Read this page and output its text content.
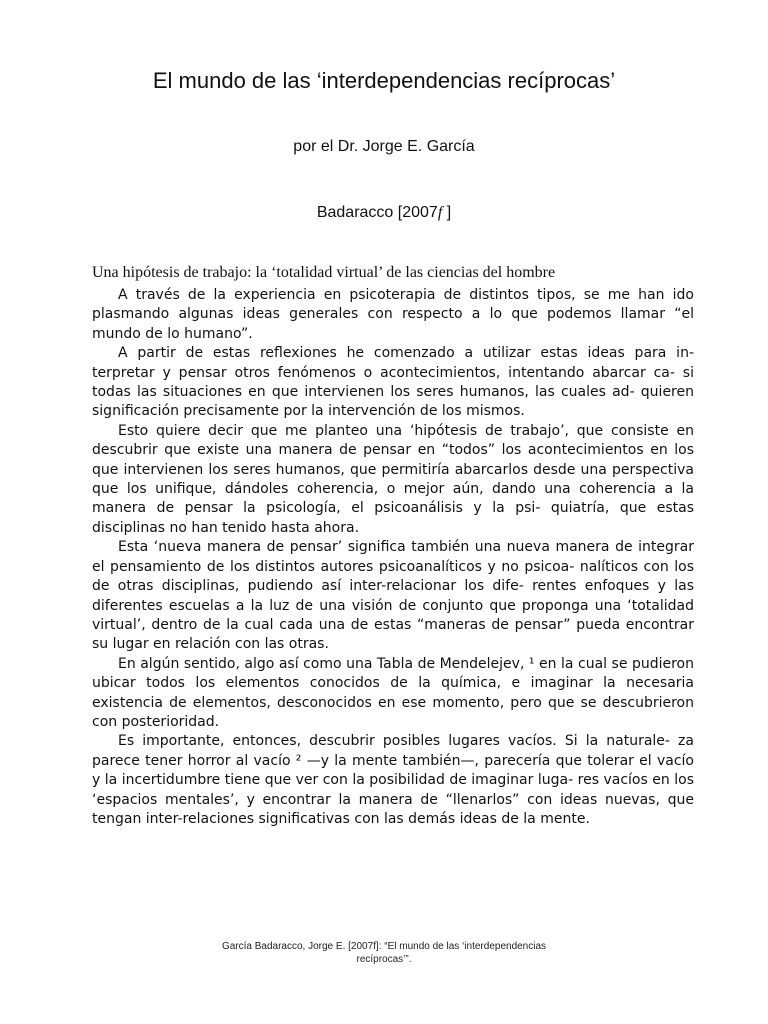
El mundo de las ‘interdependencias recíprocas’
por el Dr. Jorge E. García
Badaracco [2007f ]
Una hipótesis de trabajo: la ‘totalidad virtual’ de las ciencias del hombre

A través de la experiencia en psicoterapia de distintos tipos, se me han ido plasmando algunas ideas generales con respecto a lo que podemos llamar “el mundo de lo humano”.

A partir de estas reflexiones he comenzado a utilizar estas ideas para in- terpretar y pensar otros fenómenos o acontecimientos, intentando abarcar ca- si todas las situaciones en que intervienen los seres humanos, las cuales ad- quieren significación precisamente por la intervención de los mismos.

Esto quiere decir que me planteo una ‘hipótesis de trabajo’, que consiste en descubrir que existe una manera de pensar en “todos” los acontecimientos en los que intervienen los seres humanos, que permitiría abarcarlos desde una perspectiva que los unifique, dándoles coherencia, o mejor aún, dando una coherencia a la manera de pensar la psicología, el psicoanálisis y la psi- quiatría, que estas disciplinas no han tenido hasta ahora.

Esta ‘nueva manera de pensar’ significa también una nueva manera de integrar el pensamiento de los distintos autores psicoanalíticos y no psicoa- nalíticos con los de otras disciplinas, pudiendo así inter-relacionar los dife- rentes enfoques y las diferentes escuelas a la luz de una visión de conjunto que proponga una ‘totalidad virtual’, dentro de la cual cada una de estas “maneras de pensar” pueda encontrar su lugar en relación con las otras.

En algún sentido, algo así como una Tabla de Mendelejev, ¹ en la cual se pudieron ubicar todos los elementos conocidos de la química, e imaginar la necesaria existencia de elementos, desconocidos en ese momento, pero que se descubrieron con posterioridad.

Es importante, entonces, descubrir posibles lugares vacíos. Si la naturale- za parece tener horror al vacío ² —y la mente también—, parecería que tolerar el vacío y la incertidumbre tiene que ver con la posibilidad de imaginar luga- res vacíos en los ‘espacios mentales’, y encontrar la manera de “llenarlos” con ideas nuevas, que tengan inter-relaciones significativas con las demás ideas de la mente.

García Badaracco, Jorge E. [2007f]: “El mundo de las ‘interdependencias
recíprocas’”.
